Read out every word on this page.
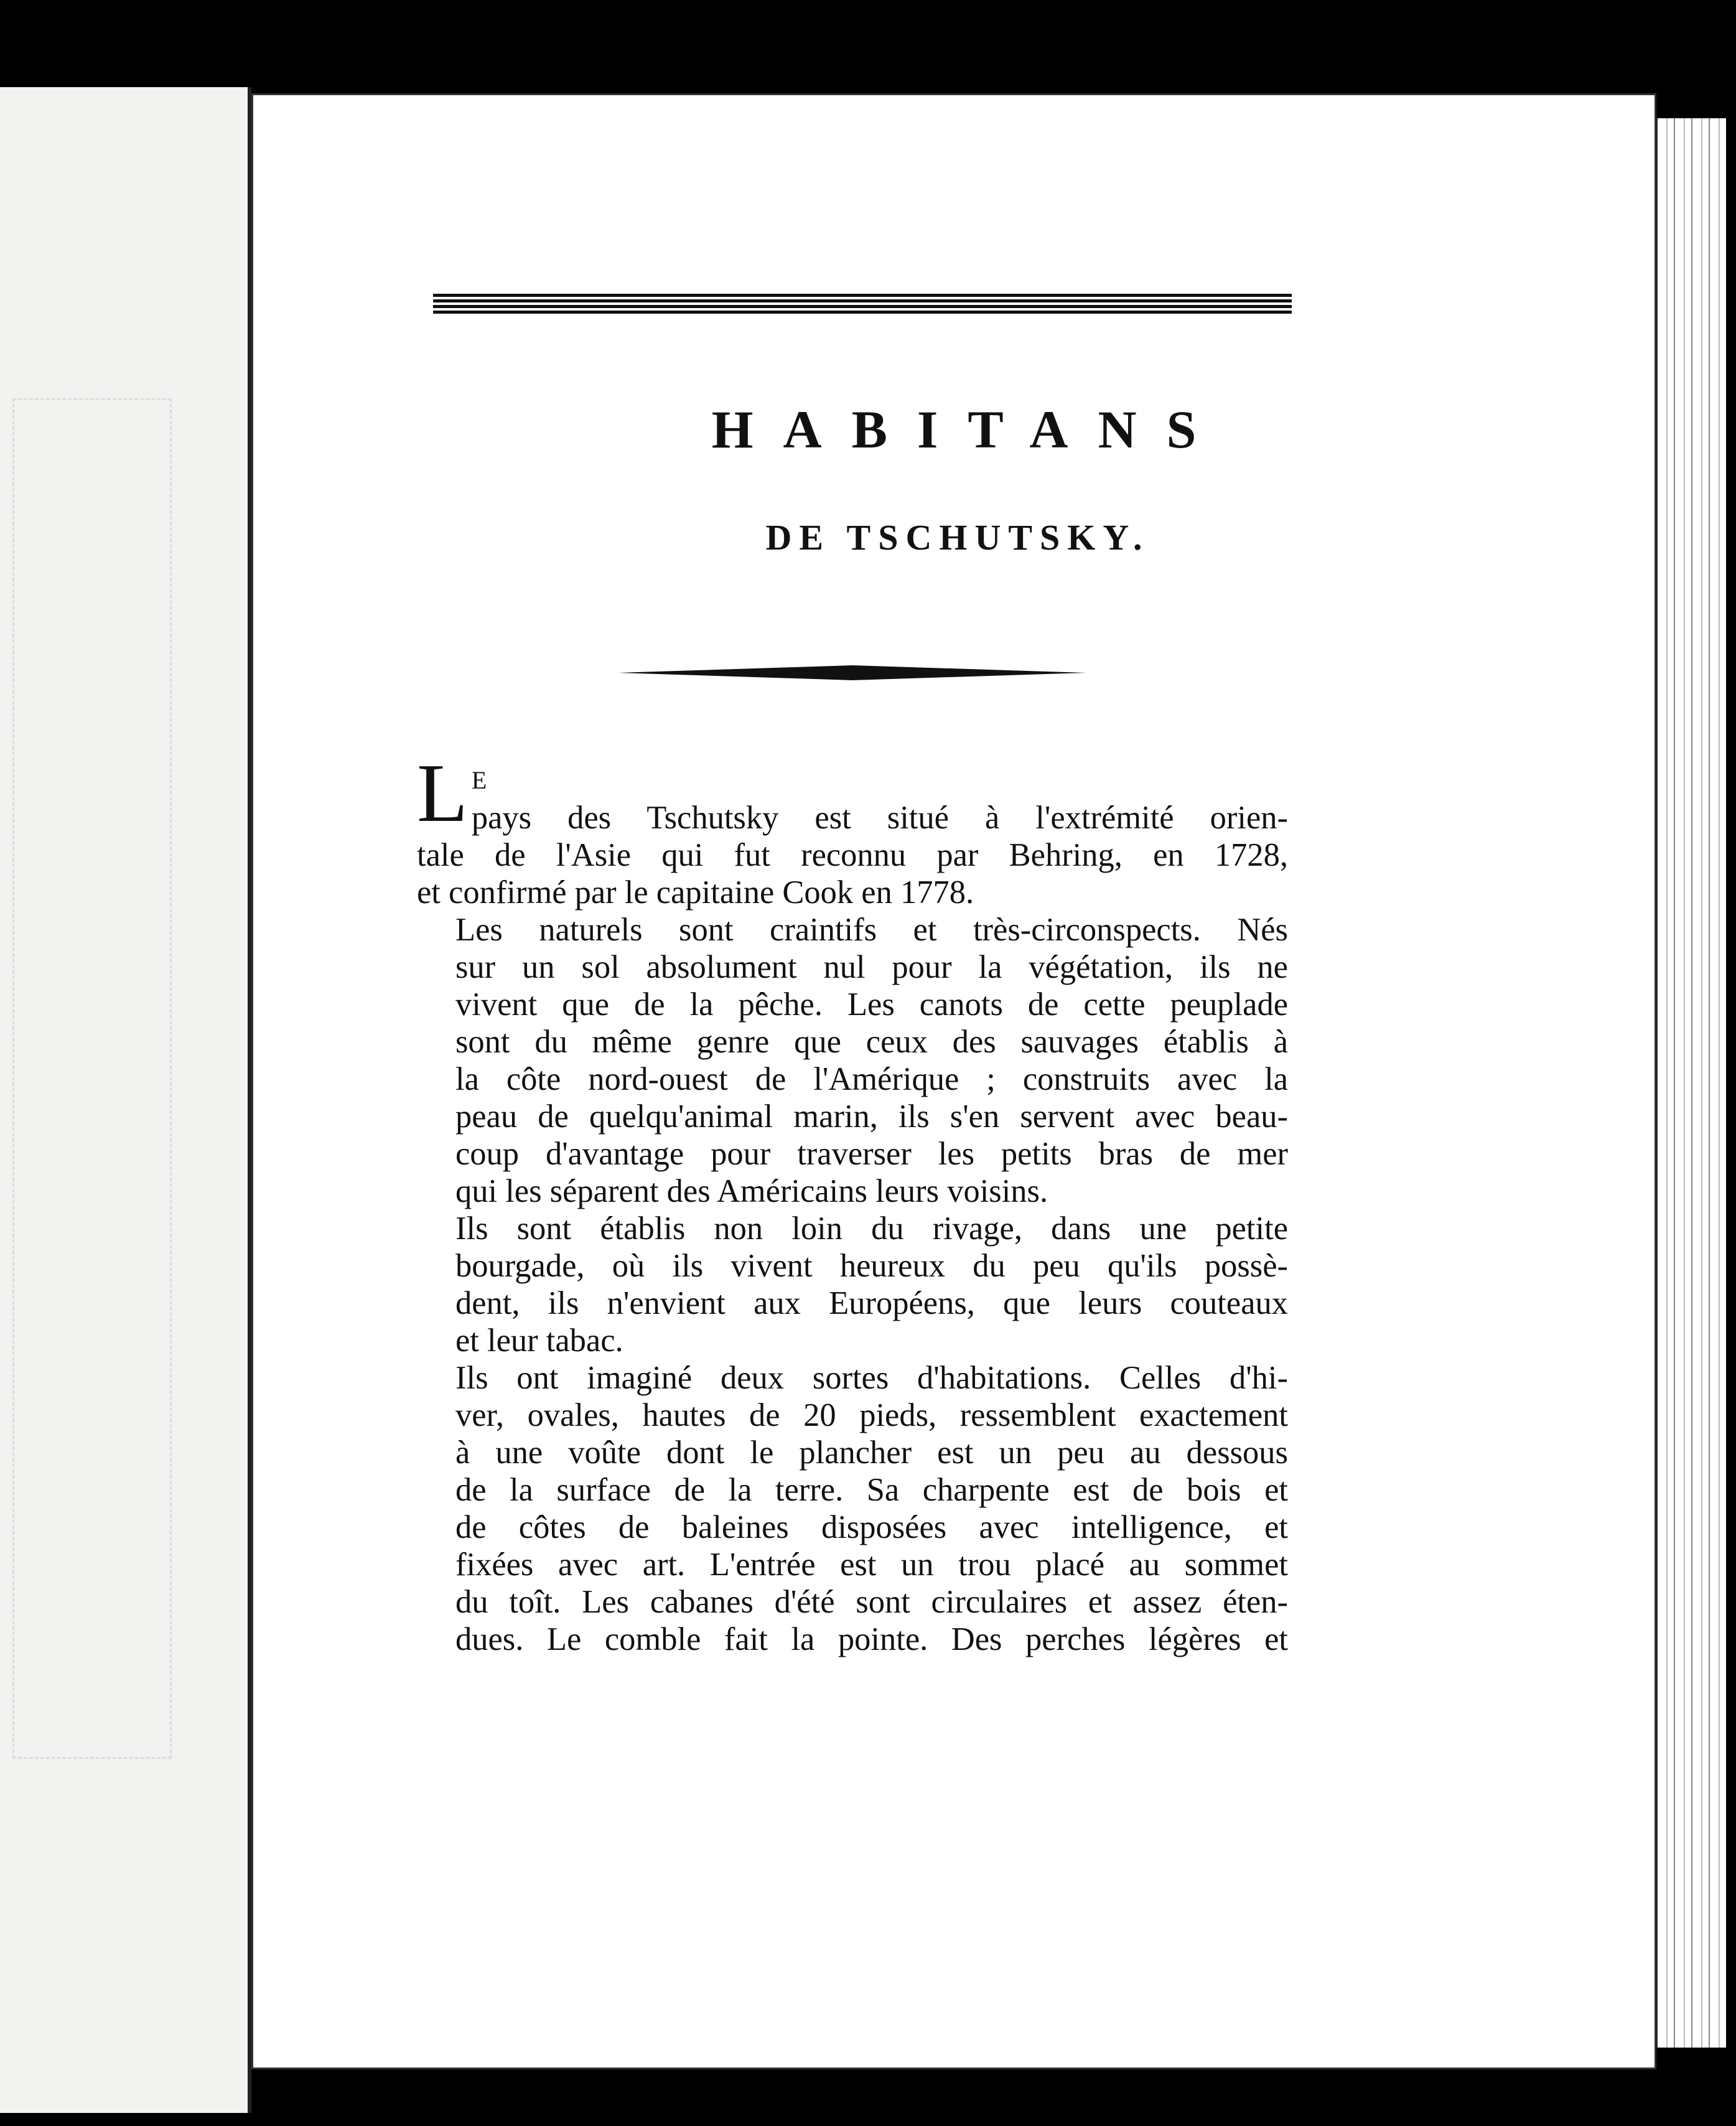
HABITANS
DE TSCHUTSKY.

L E
pays des Tschutsky est situé à l'extrémité orien-
tale de l'Asie qui fut reconnu par Behring, en 1728,
et confirmé par le capitaine Cook en 1778.

Les naturels sont craintifs et très-circonspects. Nés
sur un sol absolument nul pour la végétation, ils ne
vivent que de la pêche. Les canots de cette peuplade
sont du même genre que ceux des sauvages établis à
la côte nord-ouest de l'Amérique ; construits avec la
peau de quelqu'animal marin, ils s'en servent avec beau-
coup d'avantage pour traverser les petits bras de mer
qui les séparent des Américains leurs voisins.

Ils sont établis non loin du rivage, dans une petite
bourgade, où ils vivent heureux du peu qu'ils possè-
dent, ils n'envient aux Européens, que leurs couteaux
et leur tabac.

Ils ont imaginé deux sortes d'habitations. Celles d'hi-
ver, ovales, hautes de 20 pieds, ressemblent exactement
à une voûte dont le plancher est un peu au dessous
de la surface de la terre. Sa charpente est de bois et
de côtes de baleines disposées avec intelligence, et
fixées avec art. L'entrée est un trou placé au sommet
du toît. Les cabanes d'été sont circulaires et assez éten-
dues. Le comble fait la pointe. Des perches légères et
